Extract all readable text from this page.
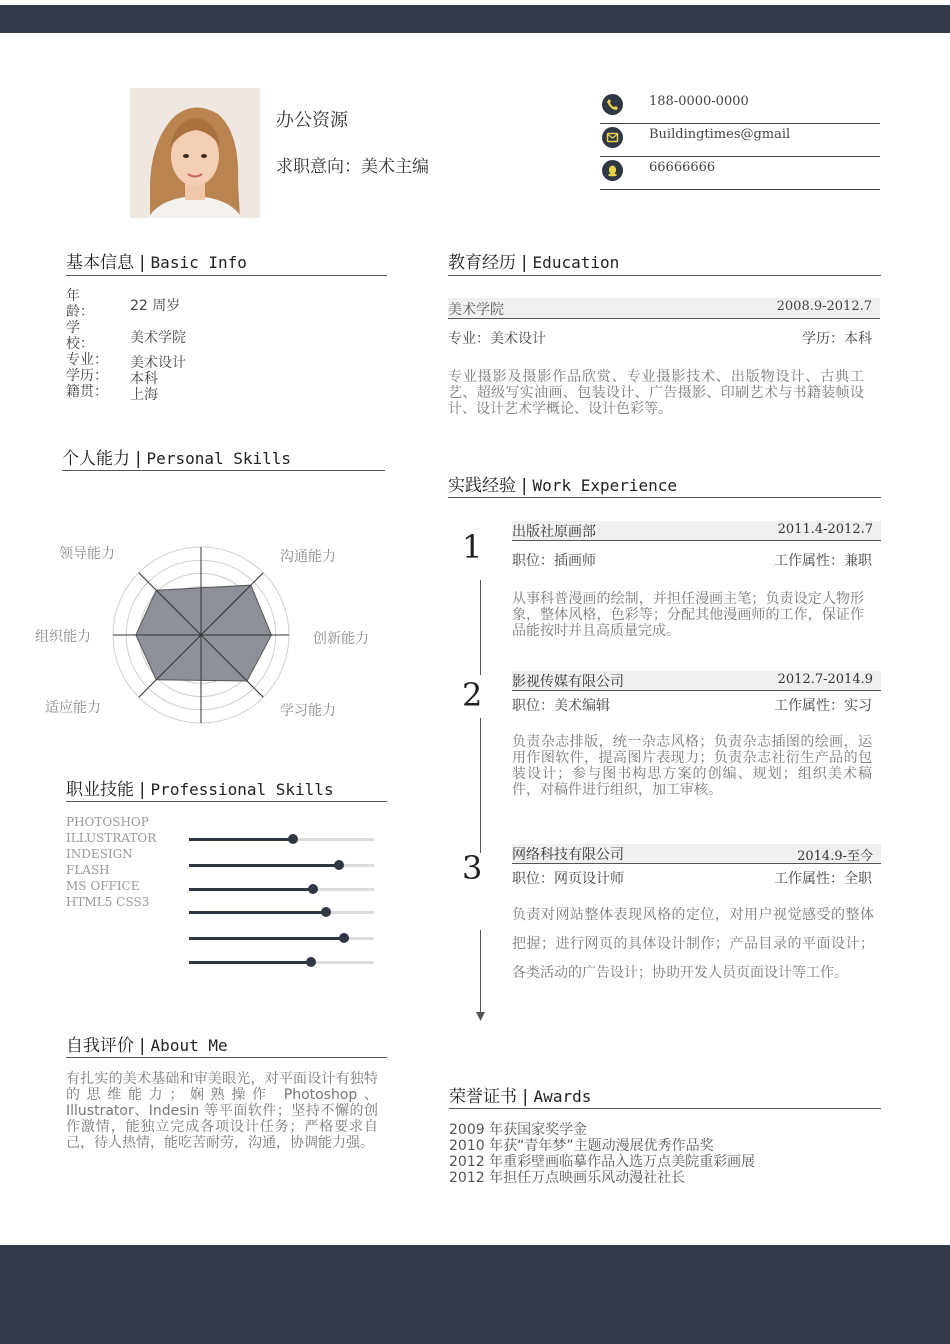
办公资源
求职意向：美术主编
188-0000-0000
Buildingtimes@gmail
66666666
基本信息 | Basic Info
年龄：	22 周岁
学校：	美术学院
专业： 美术设计
学历： 本科
籍贯： 上海
个人能力 | Personal Skills
领导能力	沟通能力
创新能力
学习能力
适应能力
组织能力
职业技能 | Professional Skills
PHOTOSHOP
ILLUSTRATOR
INDESIGN
FLASH
MS OFFICE
HTML5 CSS3
自我评价 | About Me
有扎实的美术基础和审美眼光，对平面设计有独特的思维能力；娴熟操作 Photoshop、Illustrator、Indesin 等平面软件；坚持不懈的创作激情，能独立完成各项设计任务；严格要求自己，待人热情，能吃苦耐劳，沟通，协调能力强。
教育经历 | Education
美术学院	2008.9-2012.7
专业：美术设计	学历：本科
专业摄影及摄影作品欣赏、专业摄影技术、出版物设计、古典工艺、超级写实油画、包装设计、广告摄影、印刷艺术与书籍装帧设计、设计艺术学概论、设计色彩等。
实践经验 | Work Experience
1 出版社原画部	2011.4-2012.7
职位：插画师	工作属性：兼职
从事科普漫画的绘制，并担任漫画主笔；负责设定人物形象，整体风格，色彩等；分配其他漫画师的工作，保证作品能按时并且高质量完成。
2 影视传媒有限公司	2012.7-2014.9
职位：美术编辑	工作属性：实习
负责杂志排版，统一杂志风格；负责杂志插图的绘画，运用作图软件，提高图片表现力；负责杂志社衍生产品的包装设计；参与图书构思方案的创编、规划；组织美术稿件，对稿件进行组织，加工审核。
3 网络科技有限公司	2014.9-至今
职位：网页设计师	工作属性：全职
负责对网站整体表现风格的定位，对用户视觉感受的整体把握；进行网页的具体设计制作；产品目录的平面设计；各类活动的广告设计；协助开发人员页面设计等工作。
荣誉证书 | Awards
2009 年获国家奖学金
2010 年获“青年梦”主题动漫展优秀作品奖
2012 年重彩壁画临摹作品入选万点美院重彩画展
2012 年担任万点映画乐风动漫社社长
